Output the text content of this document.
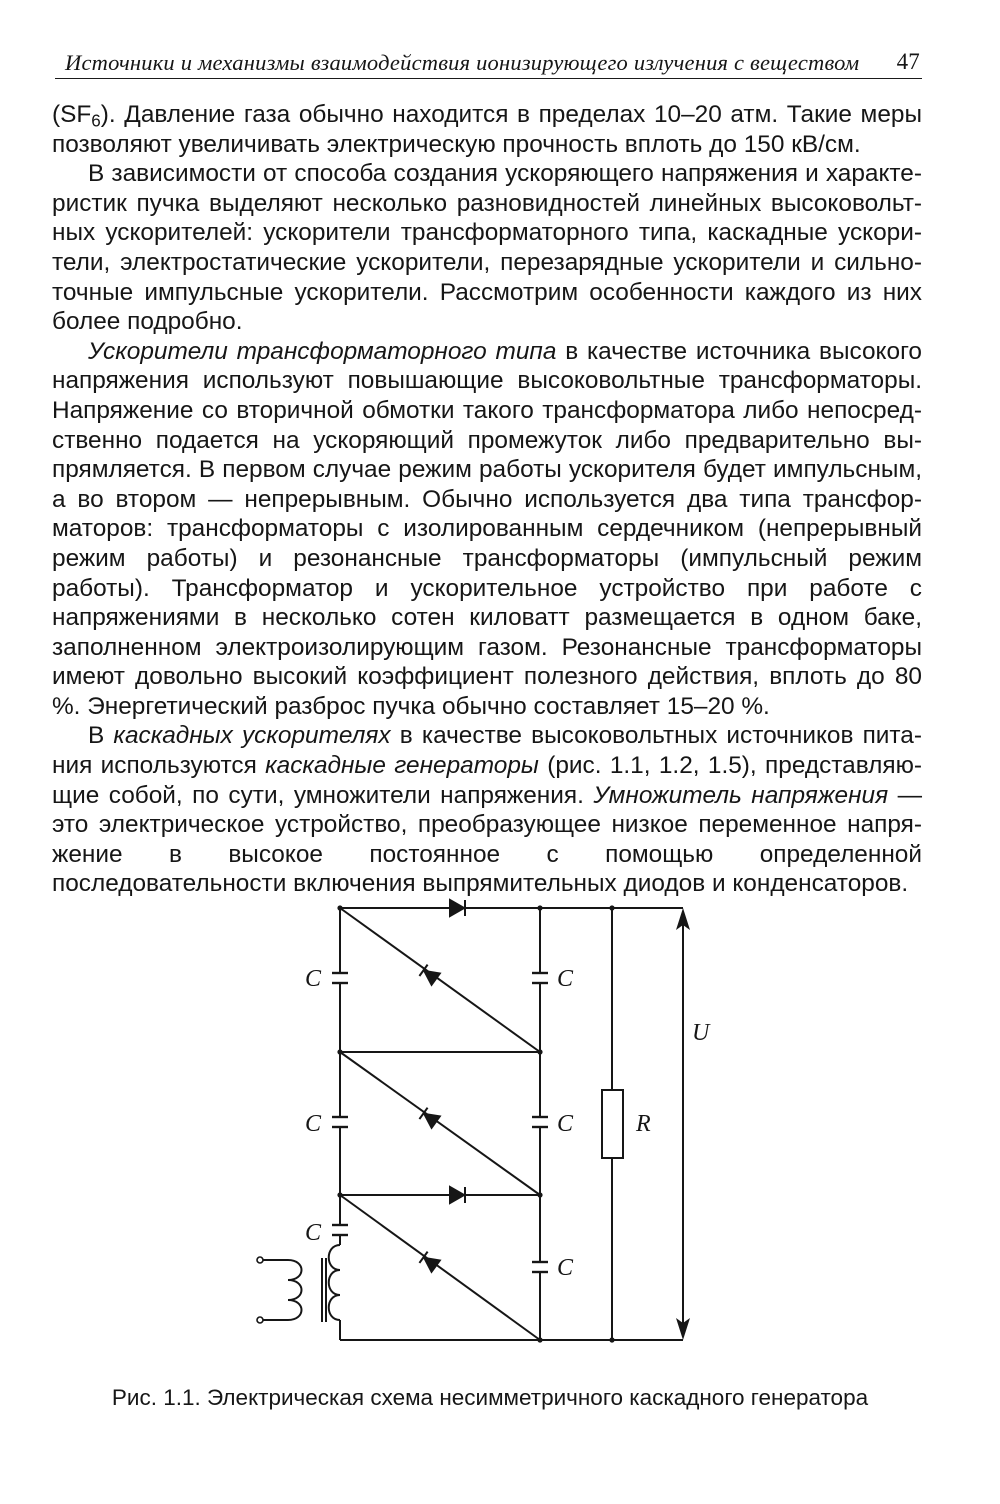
Источники и механизмы взаимодействия ионизирующего излучения с веществом 47

$(SF_6)$. Давление газа обычно находится в пределах 10–20 атм. Такие меры позволяют увеличивать электрическую прочность вплоть до 150 кВ/см.

В зависимости от способа создания ускоряющего напряжения и характеристик пучка выделяют несколько разновидностей линейных высоковольтных ускорителей: ускорители трансформаторного типа, каскадные ускорители, электростатические ускорители, перезарядные ускорители и сильноточные импульсные ускорители. Рассмотрим особенности каждого из них более подробно.

Ускорители трансформаторного типа в качестве источника высокого напряжения используют повышающие высоковольтные трансформаторы. Напряжение со вторичной обмотки такого трансформатора либо непосредственно подается на ускоряющий промежуток либо предварительно выпрямляется. В первом случае режим работы ускорителя будет импульсным, а во втором — непрерывным. Обычно используется два типа трансформаторов: трансформаторы с изолированным сердечником (непрерывный режим работы) и резонансные трансформаторы (импульсный режим работы). Трансформатор и ускорительное устройство при работе с напряжениями в несколько сотен киловатт размещается в одном баке, заполненном электроизолирующим газом. Резонансные трансформаторы имеют довольно высокий коэффициент полезного действия, вплоть до 80 %. Энергетический разброс пучка обычно составляет 15–20 %.

В каскадных ускорителях в качестве высоковольтных источников питания используются каскадные генераторы (рис. 1.1, 1.2, 1.5), представляющие собой, по сути, умножители напряжения. Умножитель напряжения — это электрическое устройство, преобразующее низкое переменное напряжение в высокое постоянное с помощью определенной последовательности включения выпрямительных диодов и конденсаторов.

C	C
C	C
C
C
R
U
Рис. 1.1. Электрическая схема несимметричного каскадного генератора
